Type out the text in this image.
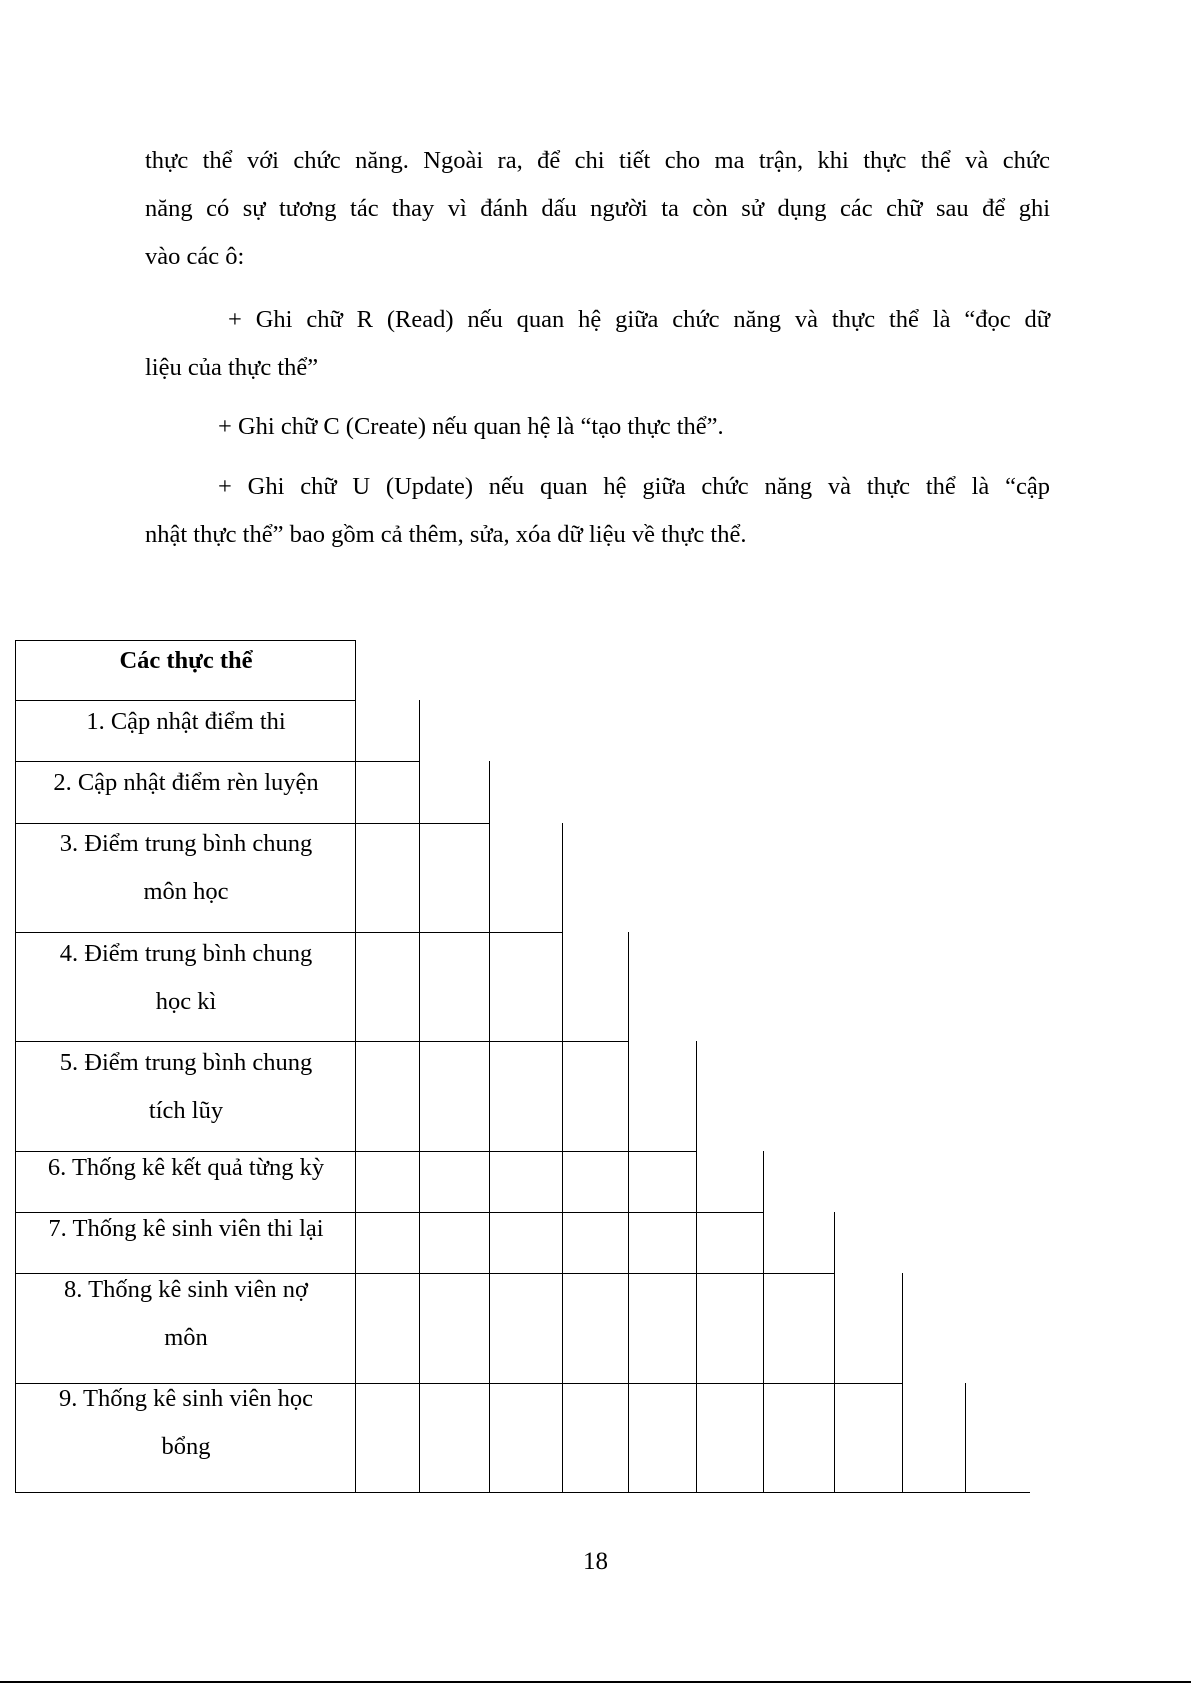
thực thể với chức năng. Ngoài ra, để chi tiết cho ma trận, khi thực thể và chức
năng có sự tương tác thay vì đánh dấu người ta còn sử dụng các chữ sau để ghi
vào các ô:
+ Ghi chữ R (Read) nếu quan hệ giữa chức năng và thực thể là “đọc dữ
liệu của thực thể”
+ Ghi chữ C (Create) nếu quan hệ là “tạo thực thể”.
+ Ghi chữ U (Update) nếu quan hệ giữa chức năng và thực thể là “cập
nhật thực thể” bao gồm cả thêm, sửa, xóa dữ liệu về thực thể.
Các thực thể
1. Cập nhật điểm thi
2. Cập nhật điểm rèn luyện
3. Điểm trung bình chung
môn học
4. Điểm trung bình chung
học kì
5. Điểm trung bình chung
tích lũy
6. Thống kê kết quả từng kỳ
7. Thống kê sinh viên thi lại
8. Thống kê sinh viên nợ
môn
9. Thống kê sinh viên học
bổng
18
